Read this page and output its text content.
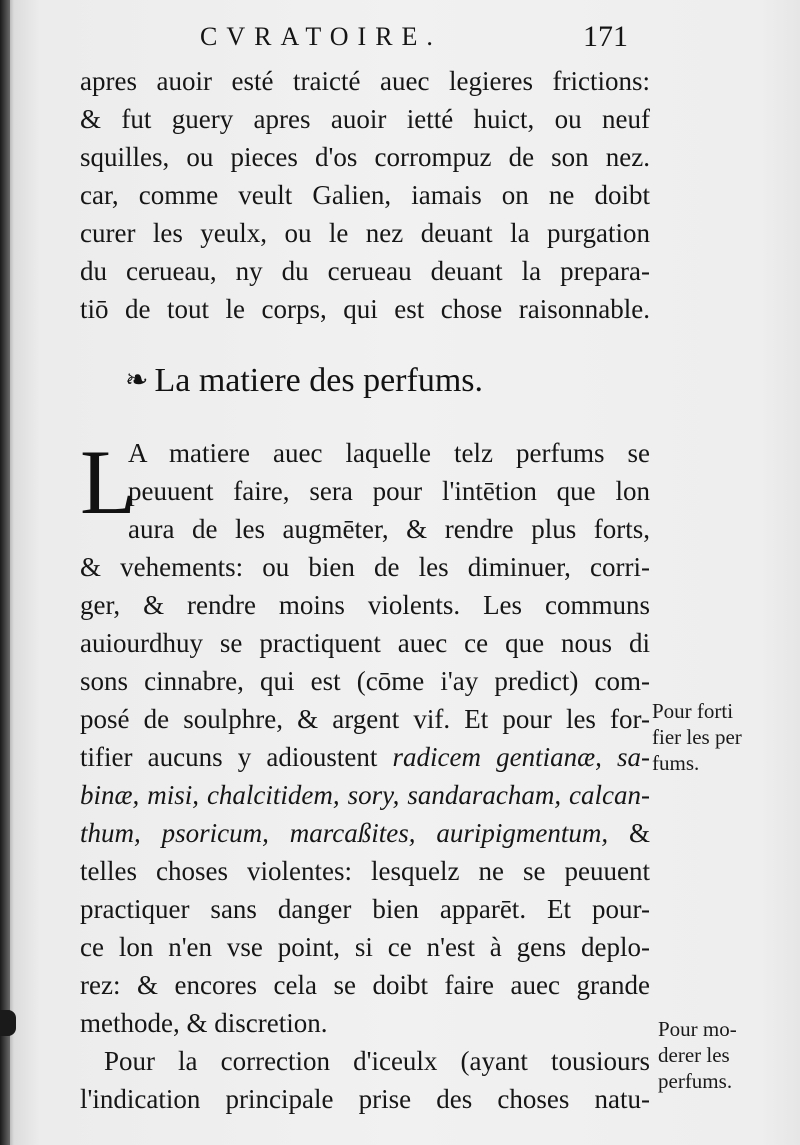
CVRATOIRE.	171
apres auoir esté traicté auec legieres frictions:
& fut guery apres auoir ietté huict, ou neuf
squilles, ou pieces d'os corrompuz de son nez.
car, comme veult Galien, iamais on ne doibt
curer les yeulx, ou le nez deuant la purgation
du cerueau, ny du cerueau deuant la prepara-
tiō de tout le corps, qui est chose raisonnable.
❧ La matiere des perfums.
L
A matiere auec laquelle telz perfums se
peuuent faire, sera pour l'intētion que lon
aura de les augmēter, & rendre plus forts,
& vehements: ou bien de les diminuer, corri-
ger, & rendre moins violents. Les communs
auiourdhuy se practiquent auec ce que nous di
sons cinnabre, qui est (cōme i'ay predict) com-
posé de soulphre, & argent vif. Et pour les for-
tifier aucuns y adioustent radicem gentianæ, sa-
binæ, misi, chalcitidem, sory, sandaracham, calcan-
thum, psoricum, marcaßites, auripigmentum, &
telles choses violentes: lesquelz ne se peuuent
practiquer sans danger bien apparēt. Et pour-
ce lon n'en vse point, si ce n'est à gens deplo-
rez: & encores cela se doibt faire auec grande
methode, & discretion.
Pour la correction d'iceulx (ayant tousiours
l'indication principale prise des choses natu-
Pour forti
fier les per
fums.
Pour mo-
derer les
perfums.
